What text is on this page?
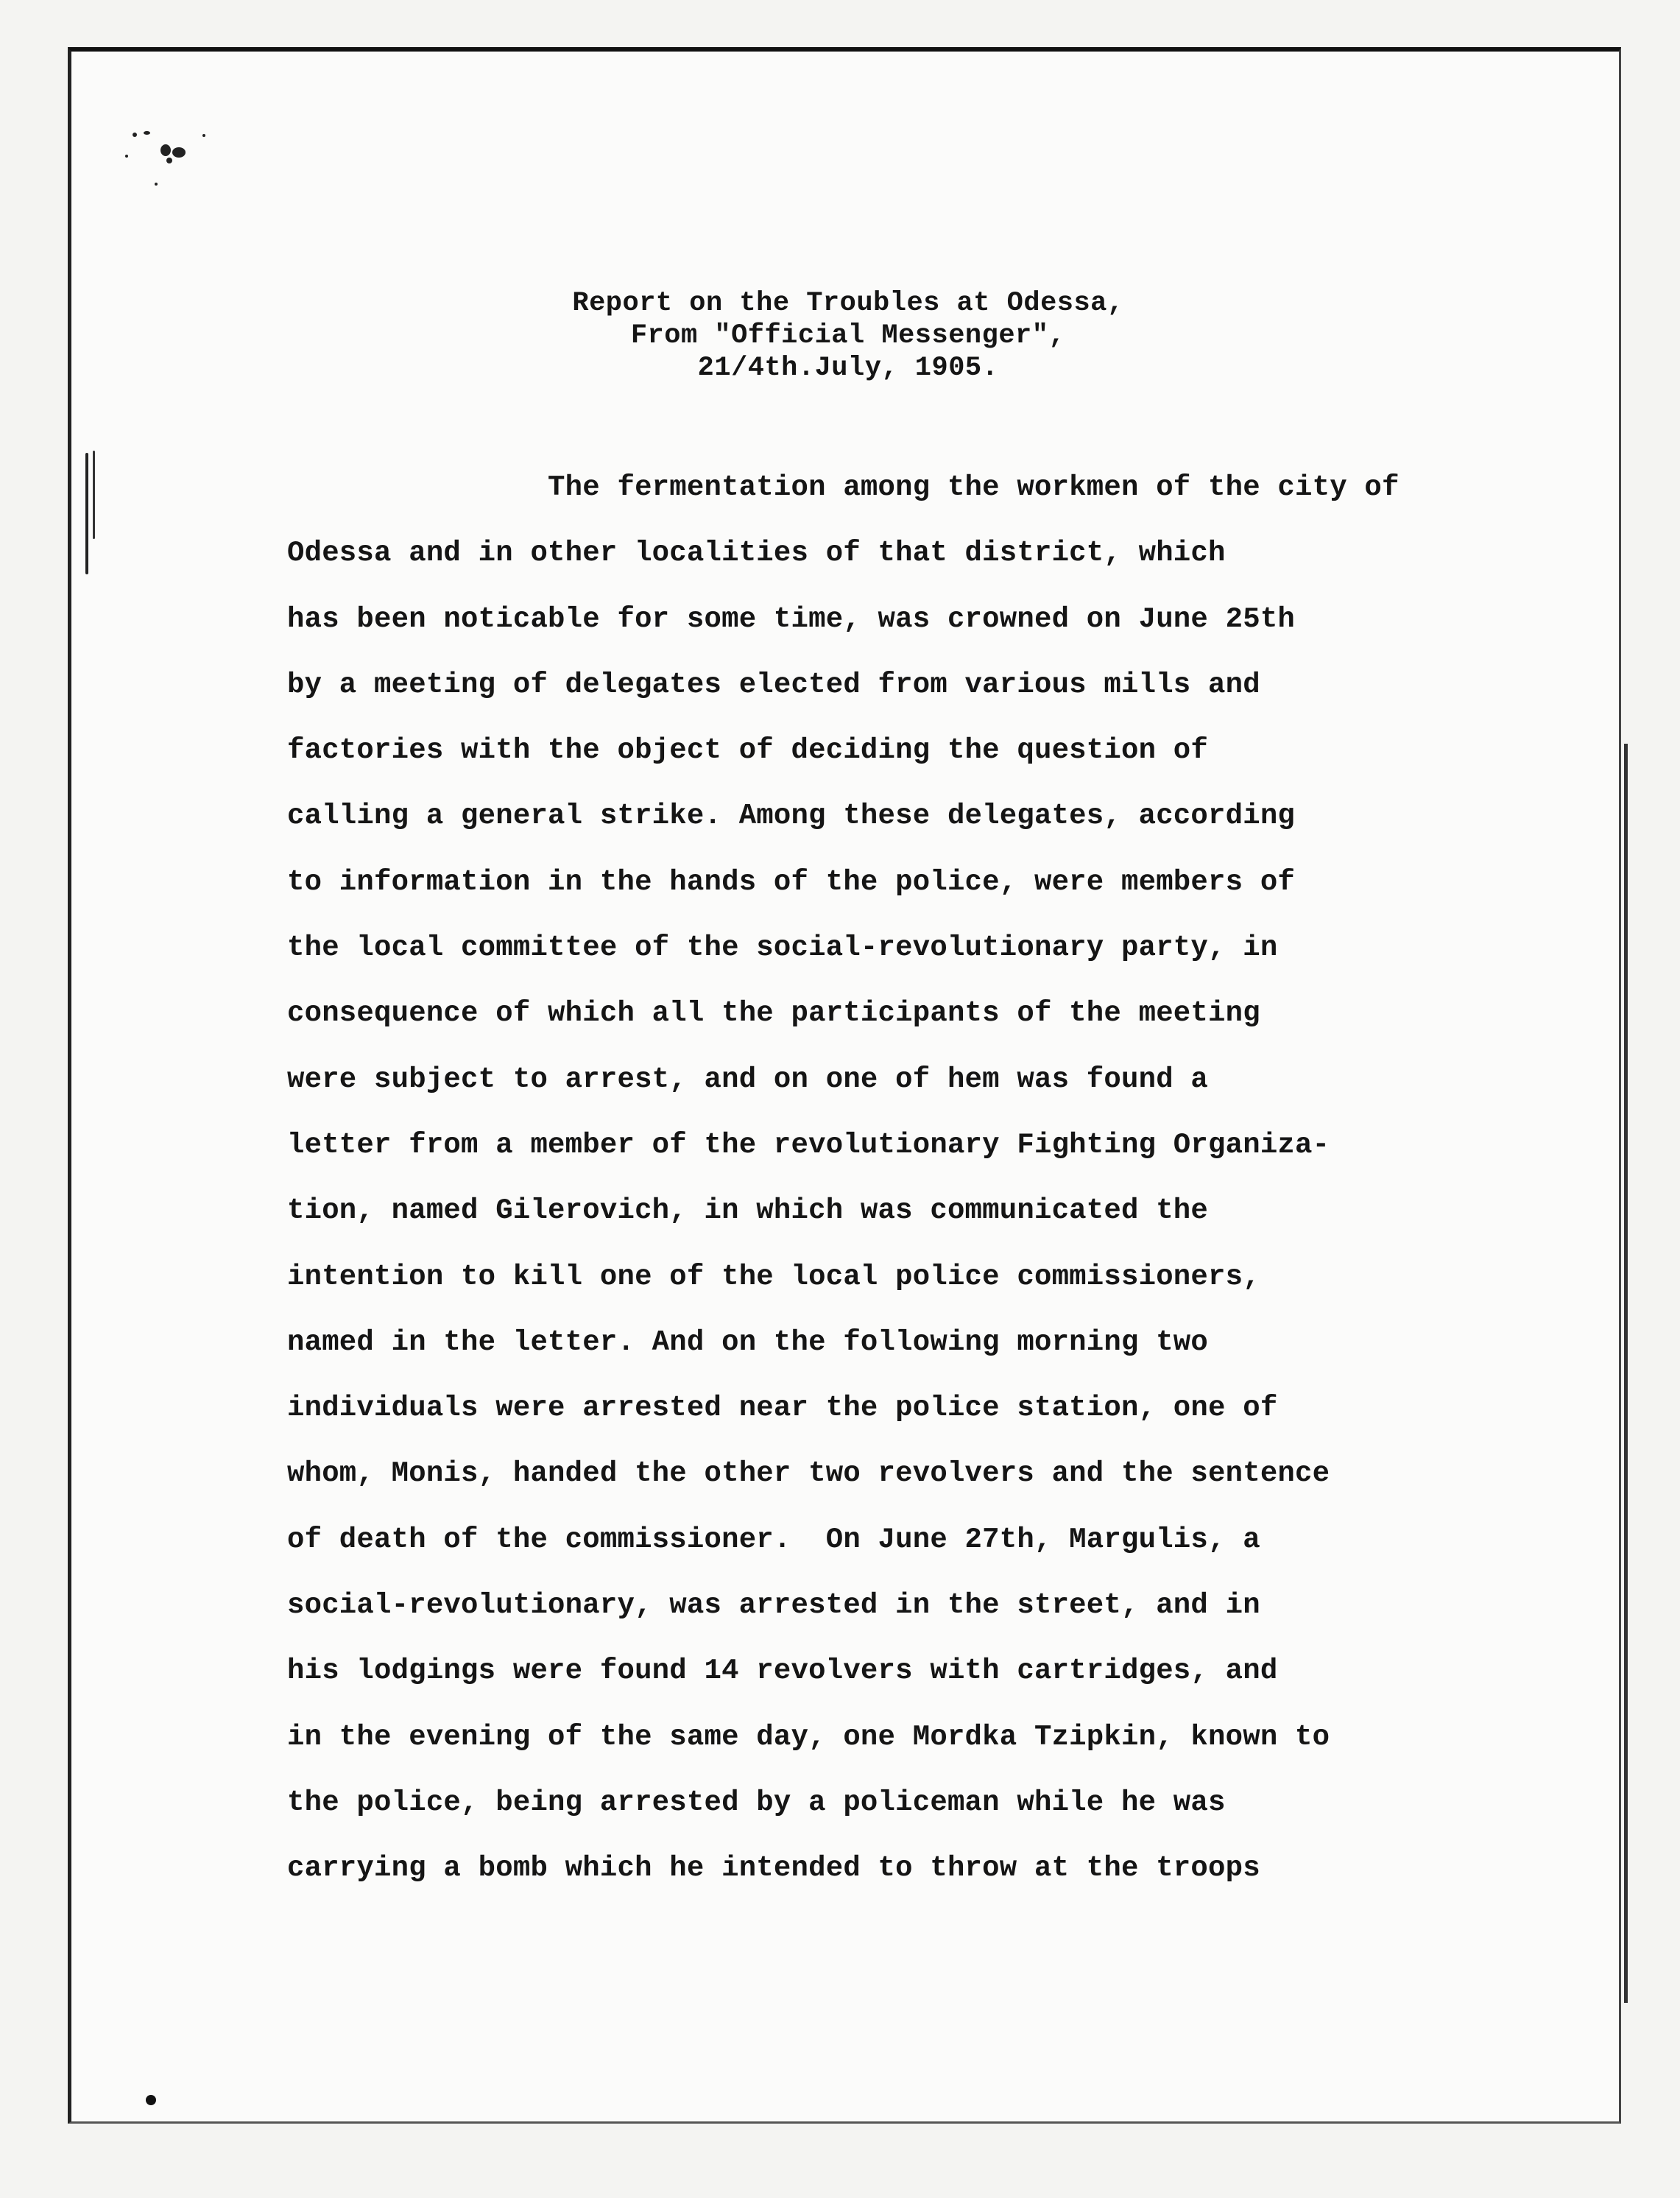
Report on the Troubles at Odessa,
From "Official Messenger",
21/4th.July, 1905.
The fermentation among the workmen of the city of
Odessa and in other localities of that district, which
has been noticable for some time, was crowned on June 25th
by a meeting of delegates elected from various mills and
factories with the object of deciding the question of
calling a general strike. Among these delegates, according
to information in the hands of the police, were members of
the local committee of the social-revolutionary party, in
consequence of which all the participants of the meeting
were subject to arrest, and on one of hem was found a
letter from a member of the revolutionary Fighting Organiza-
tion, named Gilerovich, in which was communicated the
intention to kill one of the local police commissioners,
named in the letter. And on the following morning two
individuals were arrested near the police station, one of
whom, Monis, handed the other two revolvers and the sentence
of death of the commissioner.  On June 27th, Margulis, a
social-revolutionary, was arrested in the street, and in
his lodgings were found 14 revolvers with cartridges, and
in the evening of the same day, one Mordka Tzipkin, known to
the police, being arrested by a policeman while he was
carrying a bomb which he intended to throw at the troops
